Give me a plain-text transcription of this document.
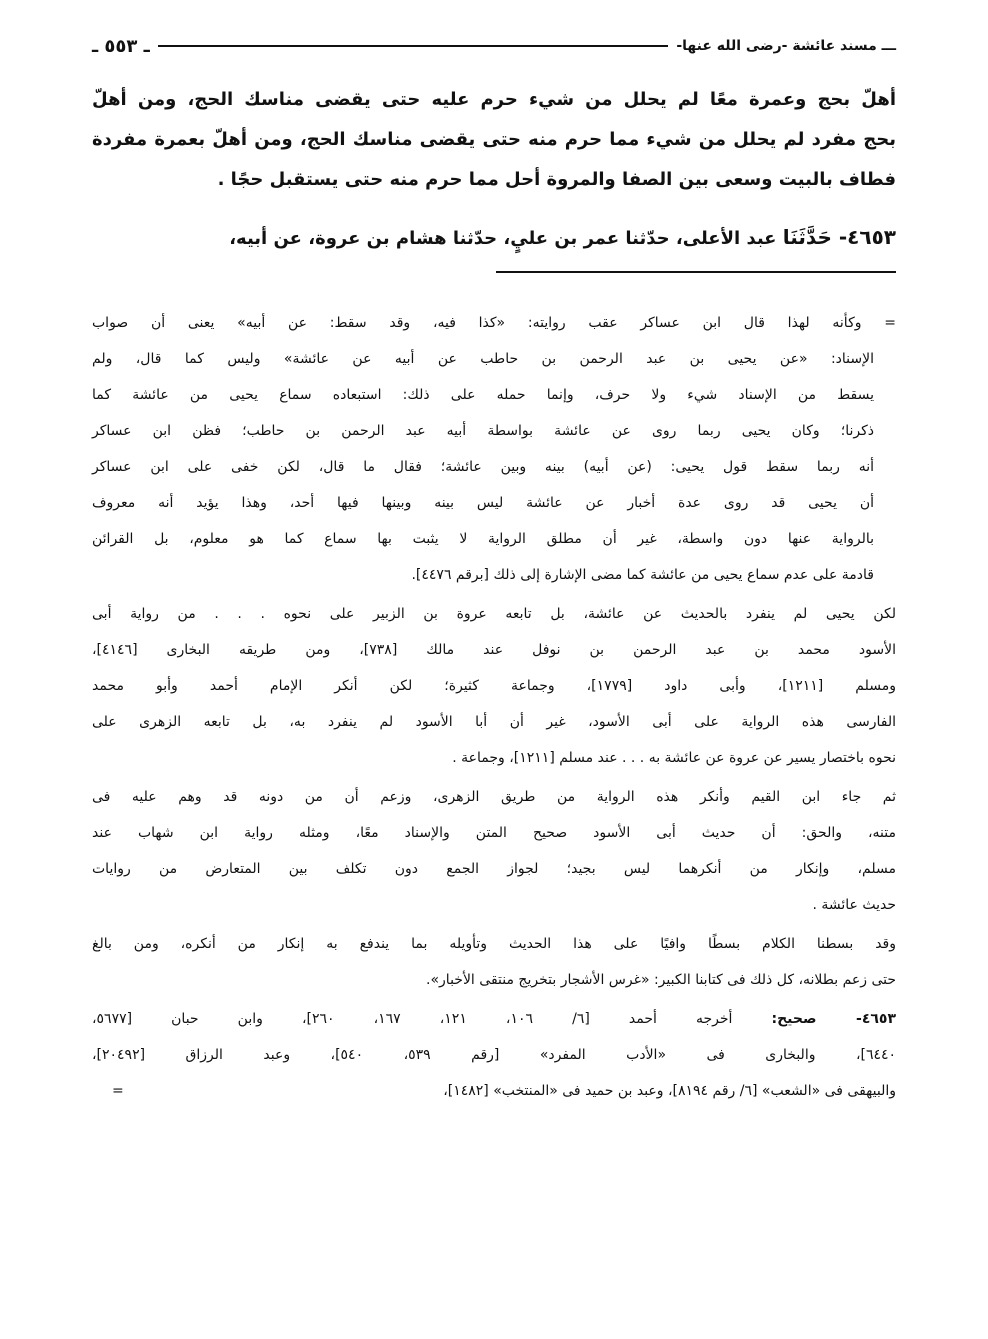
ـــ مسند عائشة -رضى الله عنها-
ـ ٥٥٣ ـ
أهلّ بحج وعمرة معًا لم يحلل من شيء حرم عليه حتى يقضى مناسك الحج، ومن أهلّ
بحج مفرد لم يحلل من شيء مما حرم منه حتى يقضى مناسك الحج، ومن أهلّ بعمرة مفردة
فطاف بالبيت وسعى بين الصفا والمروة أحل مما حرم منه حتى يستقبل حجًا .
٤٦٥٣- حَدَّثَنَا عبد الأعلى، حدّثنا عمر بن عليٍ، حدّثنا هشام بن عروة، عن أبيه،
= وكأنه لهذا قال ابن عساكر عقب روايته: «كذا فيه، وقد سقط: عن أبيه» يعنى أن صواب
الإسناد: «عن يحيى بن عبد الرحمن بن حاطب عن أبيه عن عائشة» وليس كما قال، ولم
يسقط من الإسناد شيء ولا حرف، وإنما حمله على ذلك: استبعاده سماع يحيى من عائشة كما
ذكرنا؛ وكان يحيى ربما روى عن عائشة بواسطة أبيه عبد الرحمن بن حاطب؛ فظن ابن عساكر
أنه ربما سقط قول يحيى: (عن أبيه) بينه وبين عائشة؛ فقال ما قال، لكن خفى على ابن عساكر
أن يحيى قد روى عدة أخبار عن عائشة ليس بينه وبينها فيها أحد، وهذا يؤيد أنه معروف
بالرواية عنها دون واسطة، غير أن مطلق الرواية لا يثبت بها سماع كما هو معلوم، بل القرائن
قادمة على عدم سماع يحيى من عائشة كما مضى الإشارة إلى ذلك [برقم ٤٤٧٦].
لكن يحيى لم ينفرد بالحديث عن عائشة، بل تابعه عروة بن الزبير على نحوه . . . من رواية أبى
الأسود محمد بن عبد الرحمن بن نوفل عند مالك [٧٣٨]، ومن طريقه البخارى [٤١٤٦]،
ومسلم [١٢١١]، وأبى داود [١٧٧٩]، وجماعة كثيرة؛ لكن أنكر الإمام أحمد وأبو محمد
الفارسى هذه الرواية على أبى الأسود، غير أن أبا الأسود لم ينفرد به، بل تابعه الزهرى على
نحوه باختصار يسير عن عروة عن عائشة به . . . عند مسلم [١٢١١]، وجماعة .
ثم جاء ابن القيم وأنكر هذه الرواية من طريق الزهرى، وزعم أن من دونه قد وهم عليه فى
متنه، والحق: أن حديث أبى الأسود صحيح المتن والإسناد معًا، ومثله رواية ابن شهاب عند
مسلم، وإنكار من أنكرهما ليس بجيد؛ لجواز الجمع دون تكلف بين المتعارض من روايات
حديث عائشة .
وقد بسطنا الكلام بسطًا وافيًا على هذا الحديث وتأويله بما يندفع به إنكار من أنكره، ومن بالغ
حتى زعم بطلانه، كل ذلك فى كتابنا الكبير: «غرس الأشجار بتخريج منتقى الأخبار».
٤٦٥٣- صحيح: أخرجه أحمد [٦/ ١٠٦، ١٢١، ١٦٧، ٢٦٠]، وابن حبان [٥٦٧٧،
٦٤٤٠]، والبخارى فى «الأدب المفرد» [رقم ٥٣٩، ٥٤٠]، وعبد الرزاق [٢٠٤٩٢]،
والبيهقى فى «الشعب» [٦/ رقم ٨١٩٤]، وعبد بن حميد فى «المنتخب» [١٤٨٢]،
=
